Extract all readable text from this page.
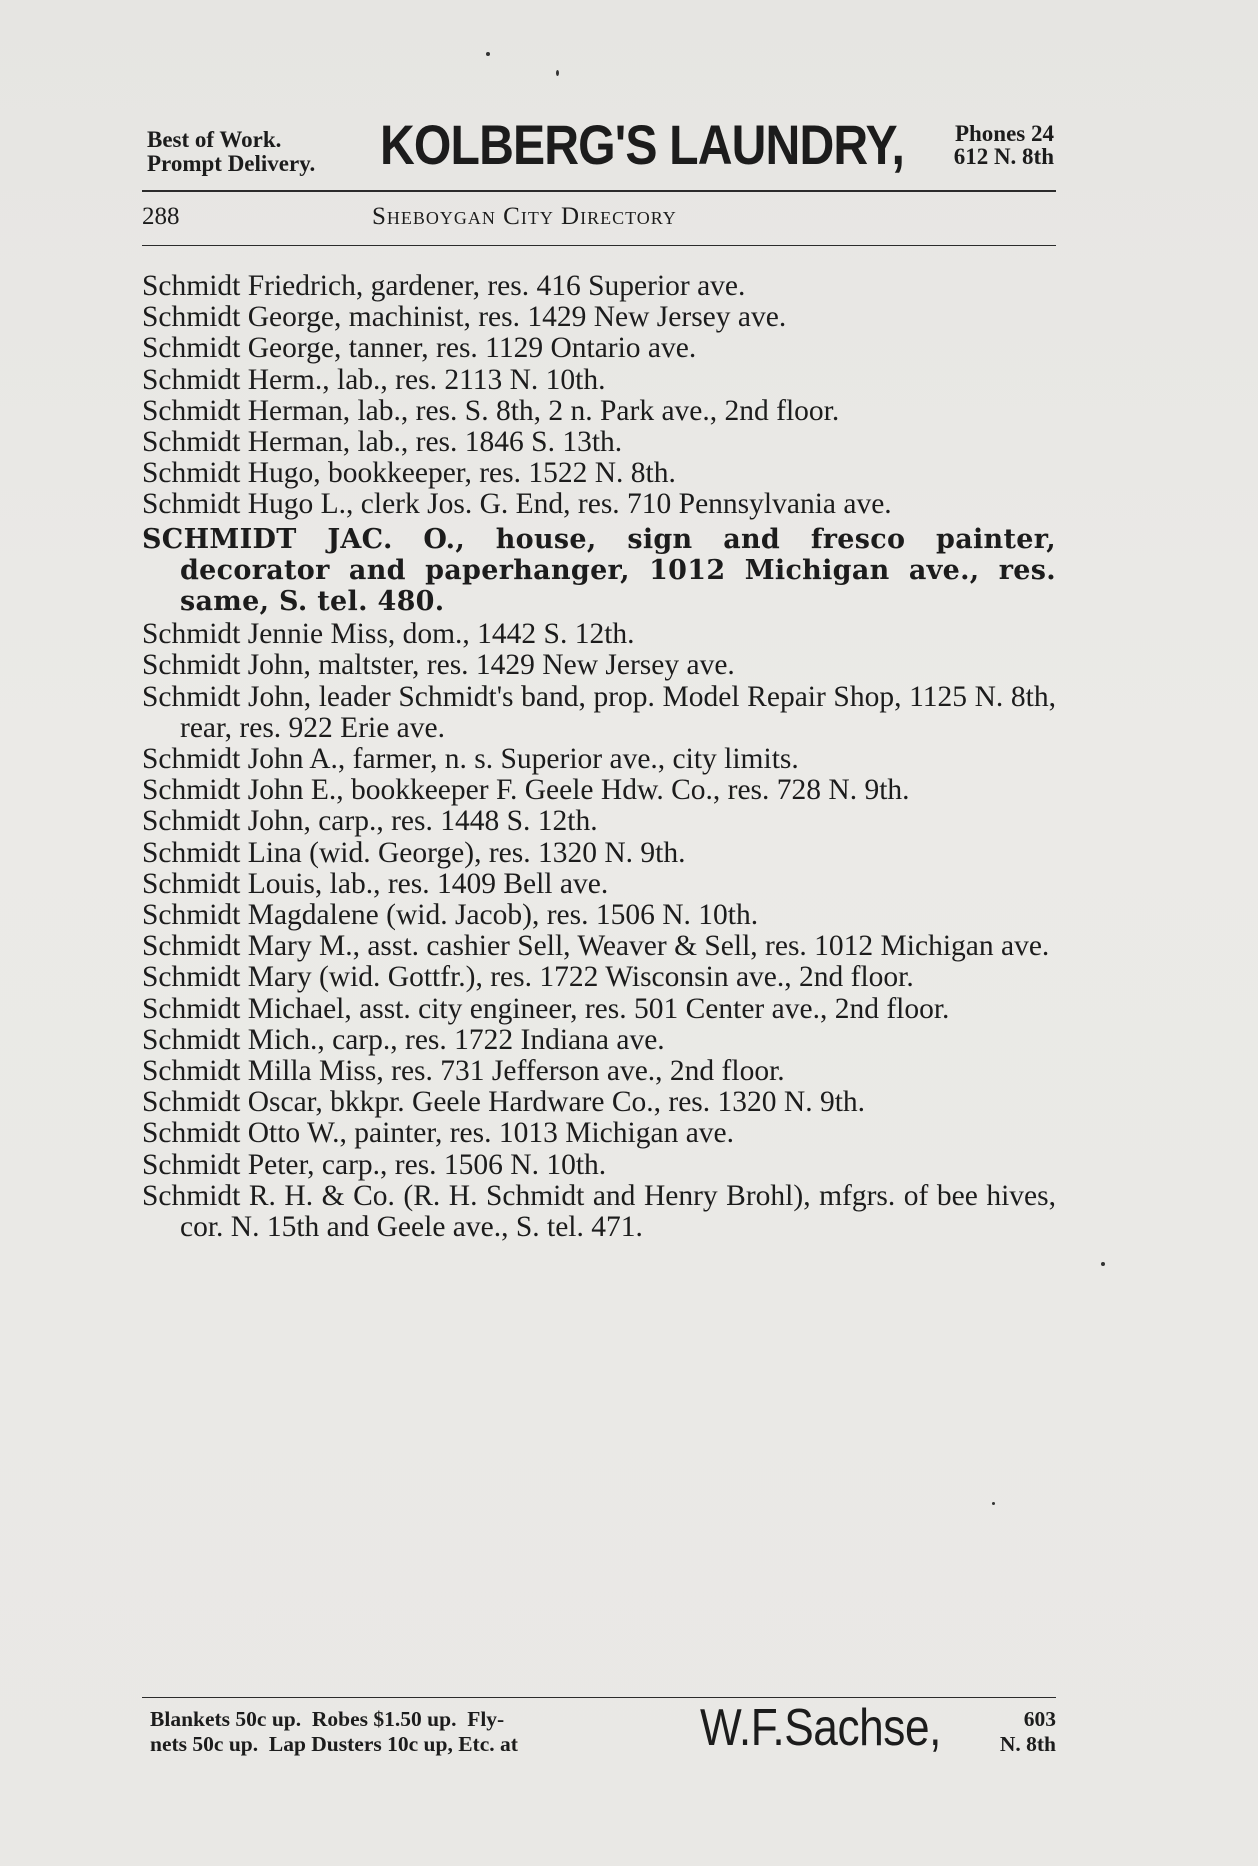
Best of Work.
Prompt Delivery. KOLBERG'S LAUNDRY, Phones 24
612 N. 8th
288	Sheboygan City Directory

Schmidt Friedrich, gardener, res. 416 Superior ave.

Schmidt George, machinist, res. 1429 New Jersey ave.

Schmidt George, tanner, res. 1129 Ontario ave.

Schmidt Herm., lab., res. 2113 N. 10th.

Schmidt Herman, lab., res. S. 8th, 2 n. Park ave., 2nd floor.

Schmidt Herman, lab., res. 1846 S. 13th.

Schmidt Hugo, bookkeeper, res. 1522 N. 8th.

Schmidt Hugo L., clerk Jos. G. End, res. 710 Pennsylvania ave.

SCHMIDT JAC. O., house, sign and fresco painter, decorator and paperhanger, 1012 Michigan ave., res. same, S. tel. 480.

Schmidt Jennie Miss, dom., 1442 S. 12th.

Schmidt John, maltster, res. 1429 New Jersey ave.

Schmidt John, leader Schmidt's band, prop. Model Repair Shop, 1125 N. 8th, rear, res. 922 Erie ave.

Schmidt John A., farmer, n. s. Superior ave., city limits.

Schmidt John E., bookkeeper F. Geele Hdw. Co., res. 728 N. 9th.

Schmidt John, carp., res. 1448 S. 12th.

Schmidt Lina (wid. George), res. 1320 N. 9th.

Schmidt Louis, lab., res. 1409 Bell ave.

Schmidt Magdalene (wid. Jacob), res. 1506 N. 10th.

Schmidt Mary M., asst. cashier Sell, Weaver & Sell, res. 1012 Michigan ave.

Schmidt Mary (wid. Gottfr.), res. 1722 Wisconsin ave., 2nd floor.

Schmidt Michael, asst. city engineer, res. 501 Center ave., 2nd floor.

Schmidt Mich., carp., res. 1722 Indiana ave.

Schmidt Milla Miss, res. 731 Jefferson ave., 2nd floor.

Schmidt Oscar, bkkpr. Geele Hardware Co., res. 1320 N. 9th.

Schmidt Otto W., painter, res. 1013 Michigan ave.

Schmidt Peter, carp., res. 1506 N. 10th.

Schmidt R. H. & Co. (R. H. Schmidt and Henry Brohl), mfgrs. of bee hives, cor. N. 15th and Geele ave., S. tel. 471.

Blankets 50c up.  Robes $1.50 up.  Fly-
nets 50c up.  Lap Dusters 10c up, Etc. at	W.F.Sachse,	603
N. 8th
